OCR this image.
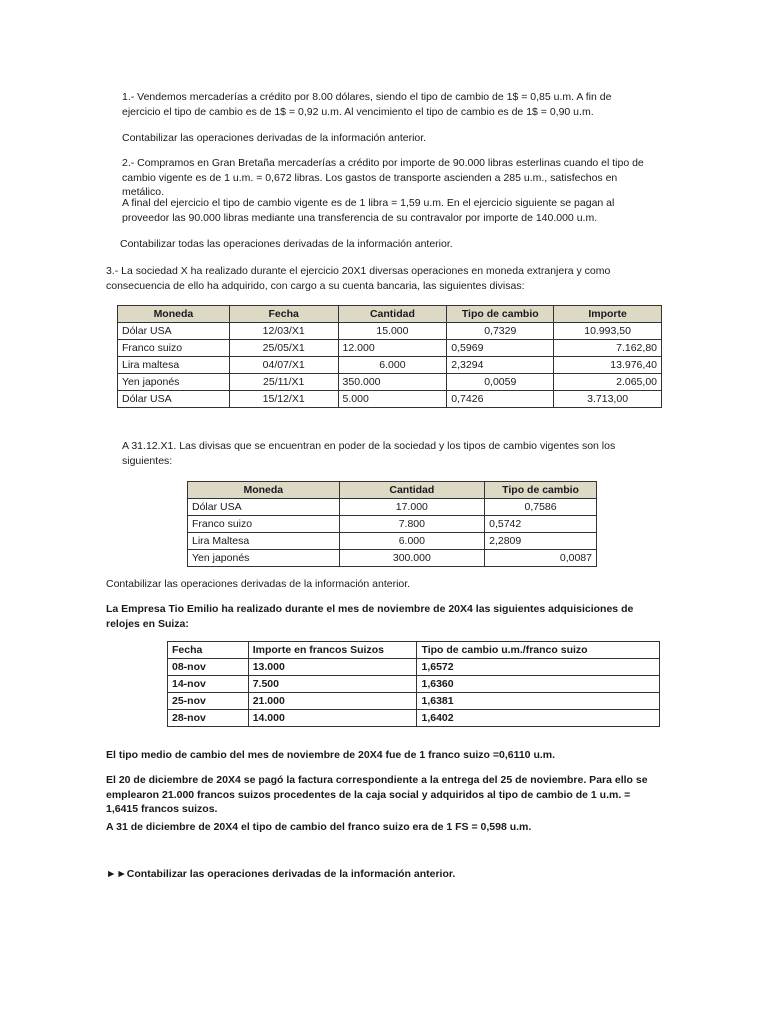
1.- Vendemos mercaderías a crédito por 8.00 dólares, siendo el tipo de cambio de 1$ = 0,85 u.m. A fin de ejercicio el tipo de cambio es de 1$ = 0,92 u.m. Al vencimiento el tipo de cambio es de 1$ = 0,90 u.m.

Contabilizar las operaciones derivadas de la información anterior.

2.- Compramos en Gran Bretaña mercaderías a crédito por importe de 90.000 libras esterlinas cuando el tipo de cambio vigente es de 1 u.m. = 0,672 libras. Los gastos de transporte ascienden a 285 u.m., satisfechos en metálico.

A final del ejercicio el tipo de cambio vigente es de 1 libra = 1,59 u.m. En el ejercicio siguiente se pagan al proveedor las 90.000 libras mediante una transferencia de su contravalor por importe de 140.000 u.m.

Contabilizar todas las operaciones derivadas de la información anterior.

3.- La sociedad X ha realizado durante el ejercicio 20X1 diversas operaciones en moneda extranjera y como consecuencia de ello ha adquirido, con cargo a su cuenta bancaria, las siguientes divisas:

Moneda	Fecha	Cantidad	Tipo de cambio	Importe
Dólar USA	12/03/X1	15.000	0,7329	10.993,50
Franco suizo	25/05/X1	12.000	0,5969	7.162,80
Lira maltesa	04/07/X1	6.000	2,3294	13.976,40
Yen japonés	25/11/X1	350.000	0,0059	2.065,00
Dólar USA	15/12/X1	5.000	0,7426	3.713,00

A 31.12.X1. Las divisas que se encuentran en poder de la sociedad y los tipos de cambio vigentes son los siguientes:

Moneda	Cantidad	Tipo de cambio
Dólar USA	17.000	0,7586
Franco suizo	7.800	0,5742
Lira Maltesa	6.000	2,2809
Yen japonés	300.000	0,0087

Contabilizar las operaciones derivadas de la información anterior.

La Empresa Tio Emilio ha realizado durante el mes de noviembre de 20X4 las siguientes adquisiciones de relojes en Suiza:

Fecha	Importe en francos Suizos	Tipo de cambio u.m./franco suizo
08-nov	13.000	1,6572
14-nov	7.500	1,6360
25-nov	21.000	1,6381
28-nov	14.000	1,6402

El tipo medio de cambio del mes de noviembre de 20X4 fue de 1 franco suizo =0,6110 u.m.

El 20 de diciembre de 20X4 se pagó la factura correspondiente a la entrega del 25 de noviembre. Para ello se emplearon 21.000 francos suizos procedentes de la caja social y adquiridos al tipo de cambio de 1 u.m. = 1,6415 francos suizos.

A 31 de diciembre de 20X4 el tipo de cambio del franco suizo era de 1 FS = 0,598 u.m.

►►Contabilizar las operaciones derivadas de la información anterior.
